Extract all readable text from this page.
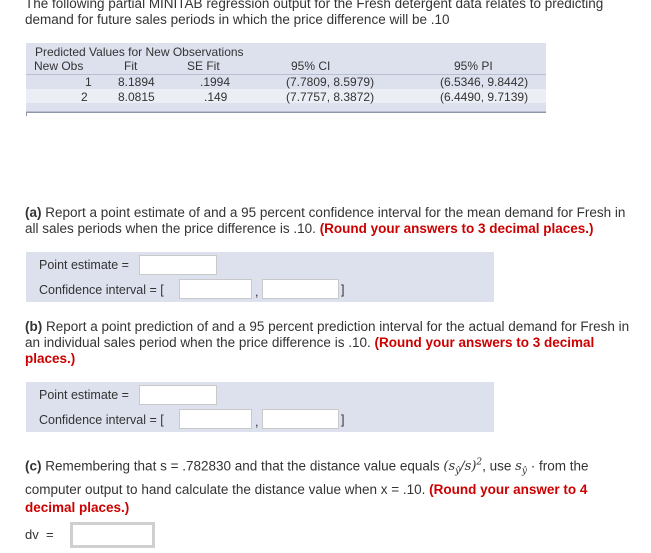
The following partial MINITAB regression output for the Fresh detergent data relates to predicting demand for future sales periods in which the price difference will be .10
Predicted Values for New Observations
New Obs	Fit	SE Fit	95% CI	95% PI
1 8.1894	.1994	(7.7809, 8.5979)	(6.5346, 9.8442)
2	8.0815	.149	(7.7757, 8.3872)	(6.4490, 9.7139)
(a) Report a point estimate of and a 95 percent confidence interval for the mean demand for Fresh in all sales periods when the price difference is .10. (Round your answers to 3 decimal places.)
Point estimate =
Confidence interval = [	,	]
(b) Report a point prediction of and a 95 percent prediction interval for the actual demand for Fresh in an individual sales period when the price difference is .10. (Round your answers to 3 decimal places.)
Point estimate =
Confidence interval = [	,	]
(c) Remembering that s = .782830 and that the distance value equals $(s_ŷ/s)^2$, use $s_ŷ$ · from the computer output to hand calculate the distance value when x = .10. (Round your answer to 4 decimal places.)
dv  =
